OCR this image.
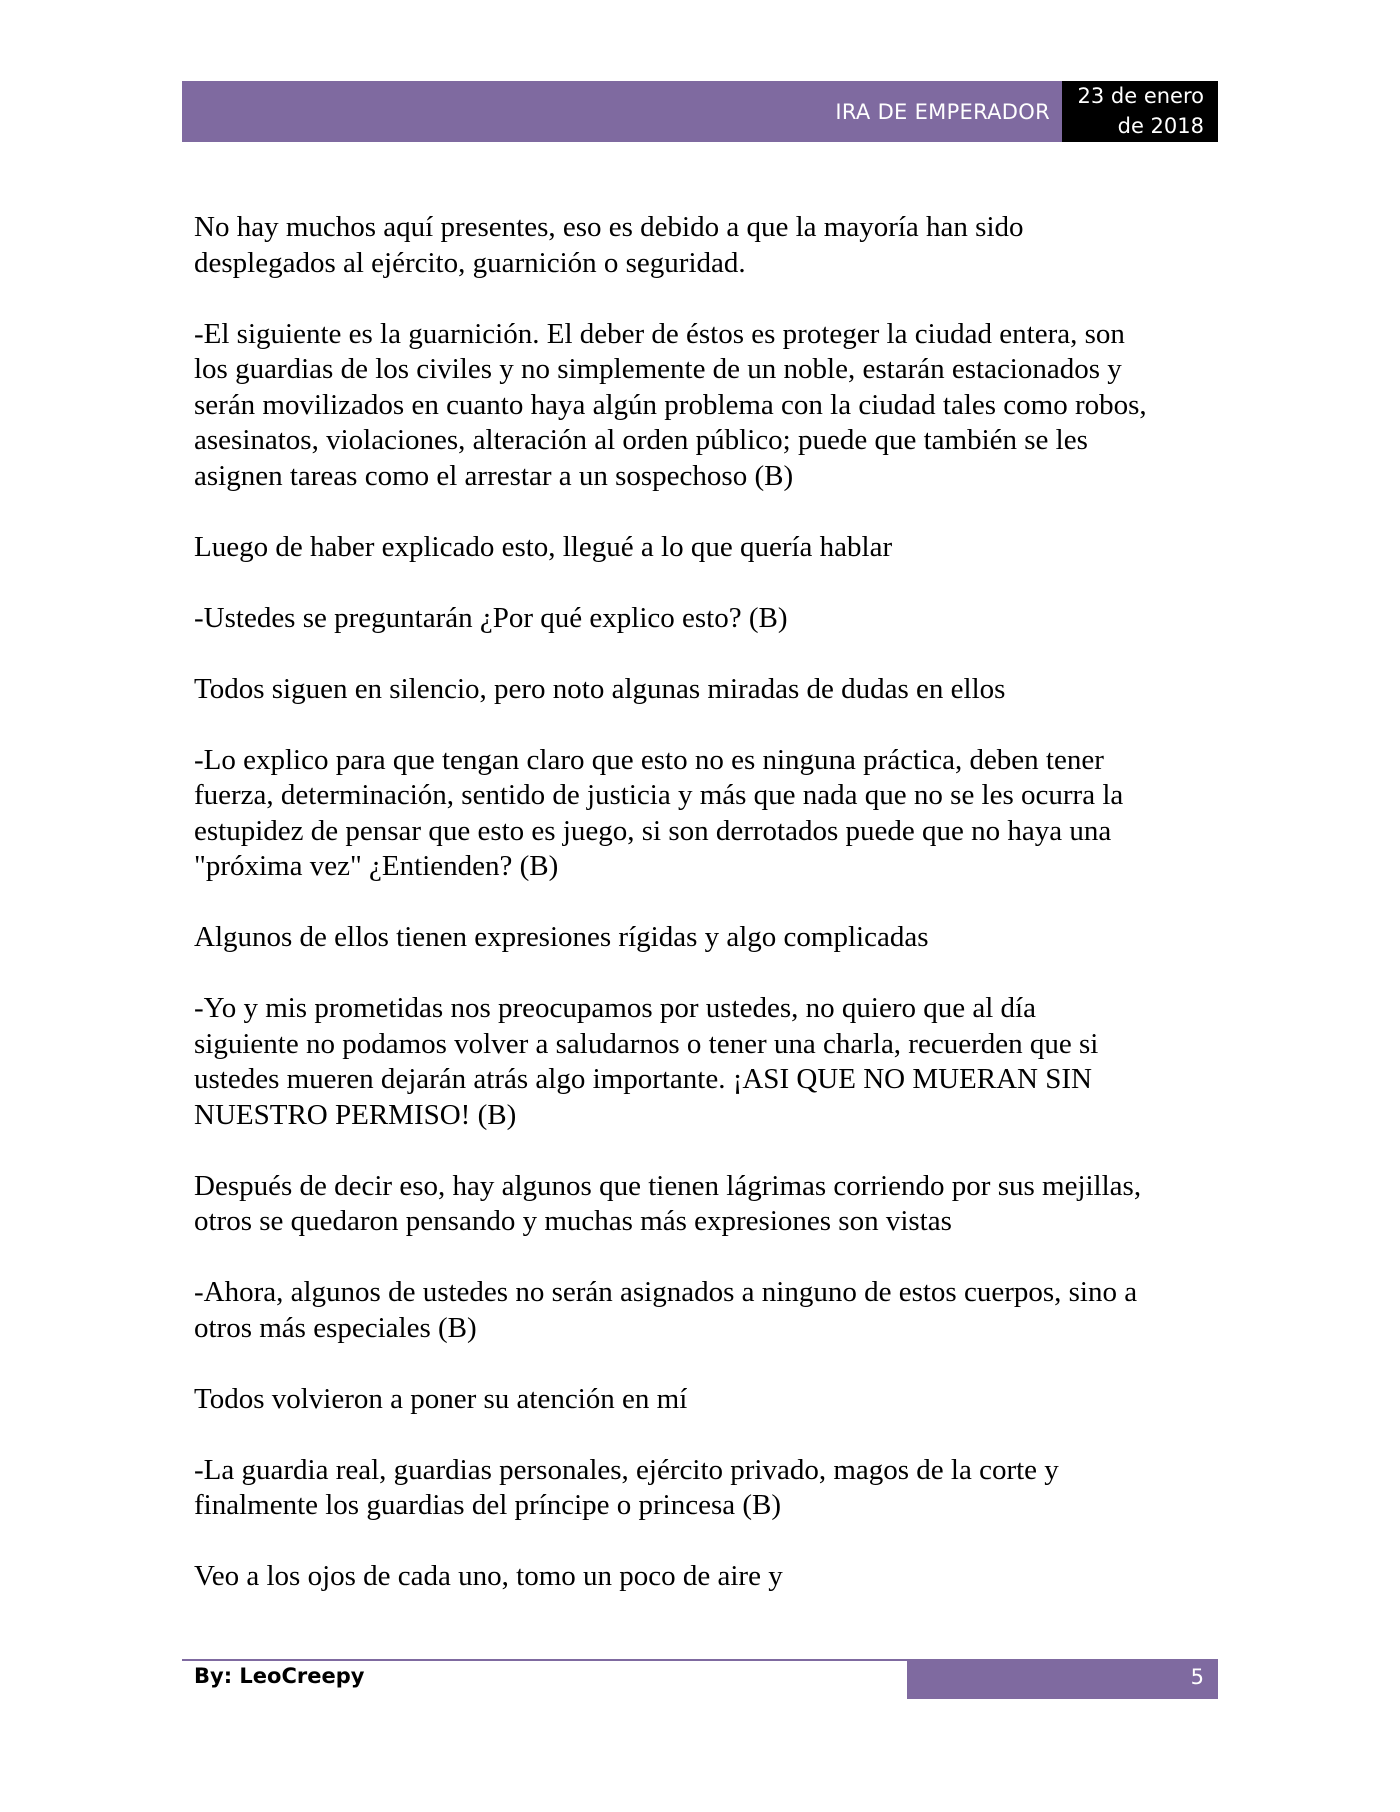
IRA DE EMPERADOR
23 de enero
de 2018

No hay muchos aquí presentes, eso es debido a que la mayoría han sido
desplegados al ejército, guarnición o seguridad.

-El siguiente es la guarnición. El deber de éstos es proteger la ciudad entera, son
los guardias de los civiles y no simplemente de un noble, estarán estacionados y
serán movilizados en cuanto haya algún problema con la ciudad tales como robos,
asesinatos, violaciones, alteración al orden público; puede que también se les
asignen tareas como el arrestar a un sospechoso (B)

Luego de haber explicado esto, llegué a lo que quería hablar

-Ustedes se preguntarán ¿Por qué explico esto? (B)

Todos siguen en silencio, pero noto algunas miradas de dudas en ellos

-Lo explico para que tengan claro que esto no es ninguna práctica, deben tener
fuerza, determinación, sentido de justicia y más que nada que no se les ocurra la
estupidez de pensar que esto es juego, si son derrotados puede que no haya una
"próxima vez" ¿Entienden? (B)

Algunos de ellos tienen expresiones rígidas y algo complicadas

-Yo y mis prometidas nos preocupamos por ustedes, no quiero que al día
siguiente no podamos volver a saludarnos o tener una charla, recuerden que si
ustedes mueren dejarán atrás algo importante. ¡ASI QUE NO MUERAN SIN
NUESTRO PERMISO! (B)

Después de decir eso, hay algunos que tienen lágrimas corriendo por sus mejillas,
otros se quedaron pensando y muchas más expresiones son vistas

-Ahora, algunos de ustedes no serán asignados a ninguno de estos cuerpos, sino a
otros más especiales (B)

Todos volvieron a poner su atención en mí

-La guardia real, guardias personales, ejército privado, magos de la corte y
finalmente los guardias del príncipe o princesa (B)

Veo a los ojos de cada uno, tomo un poco de aire y

By: LeoCreepy	5
